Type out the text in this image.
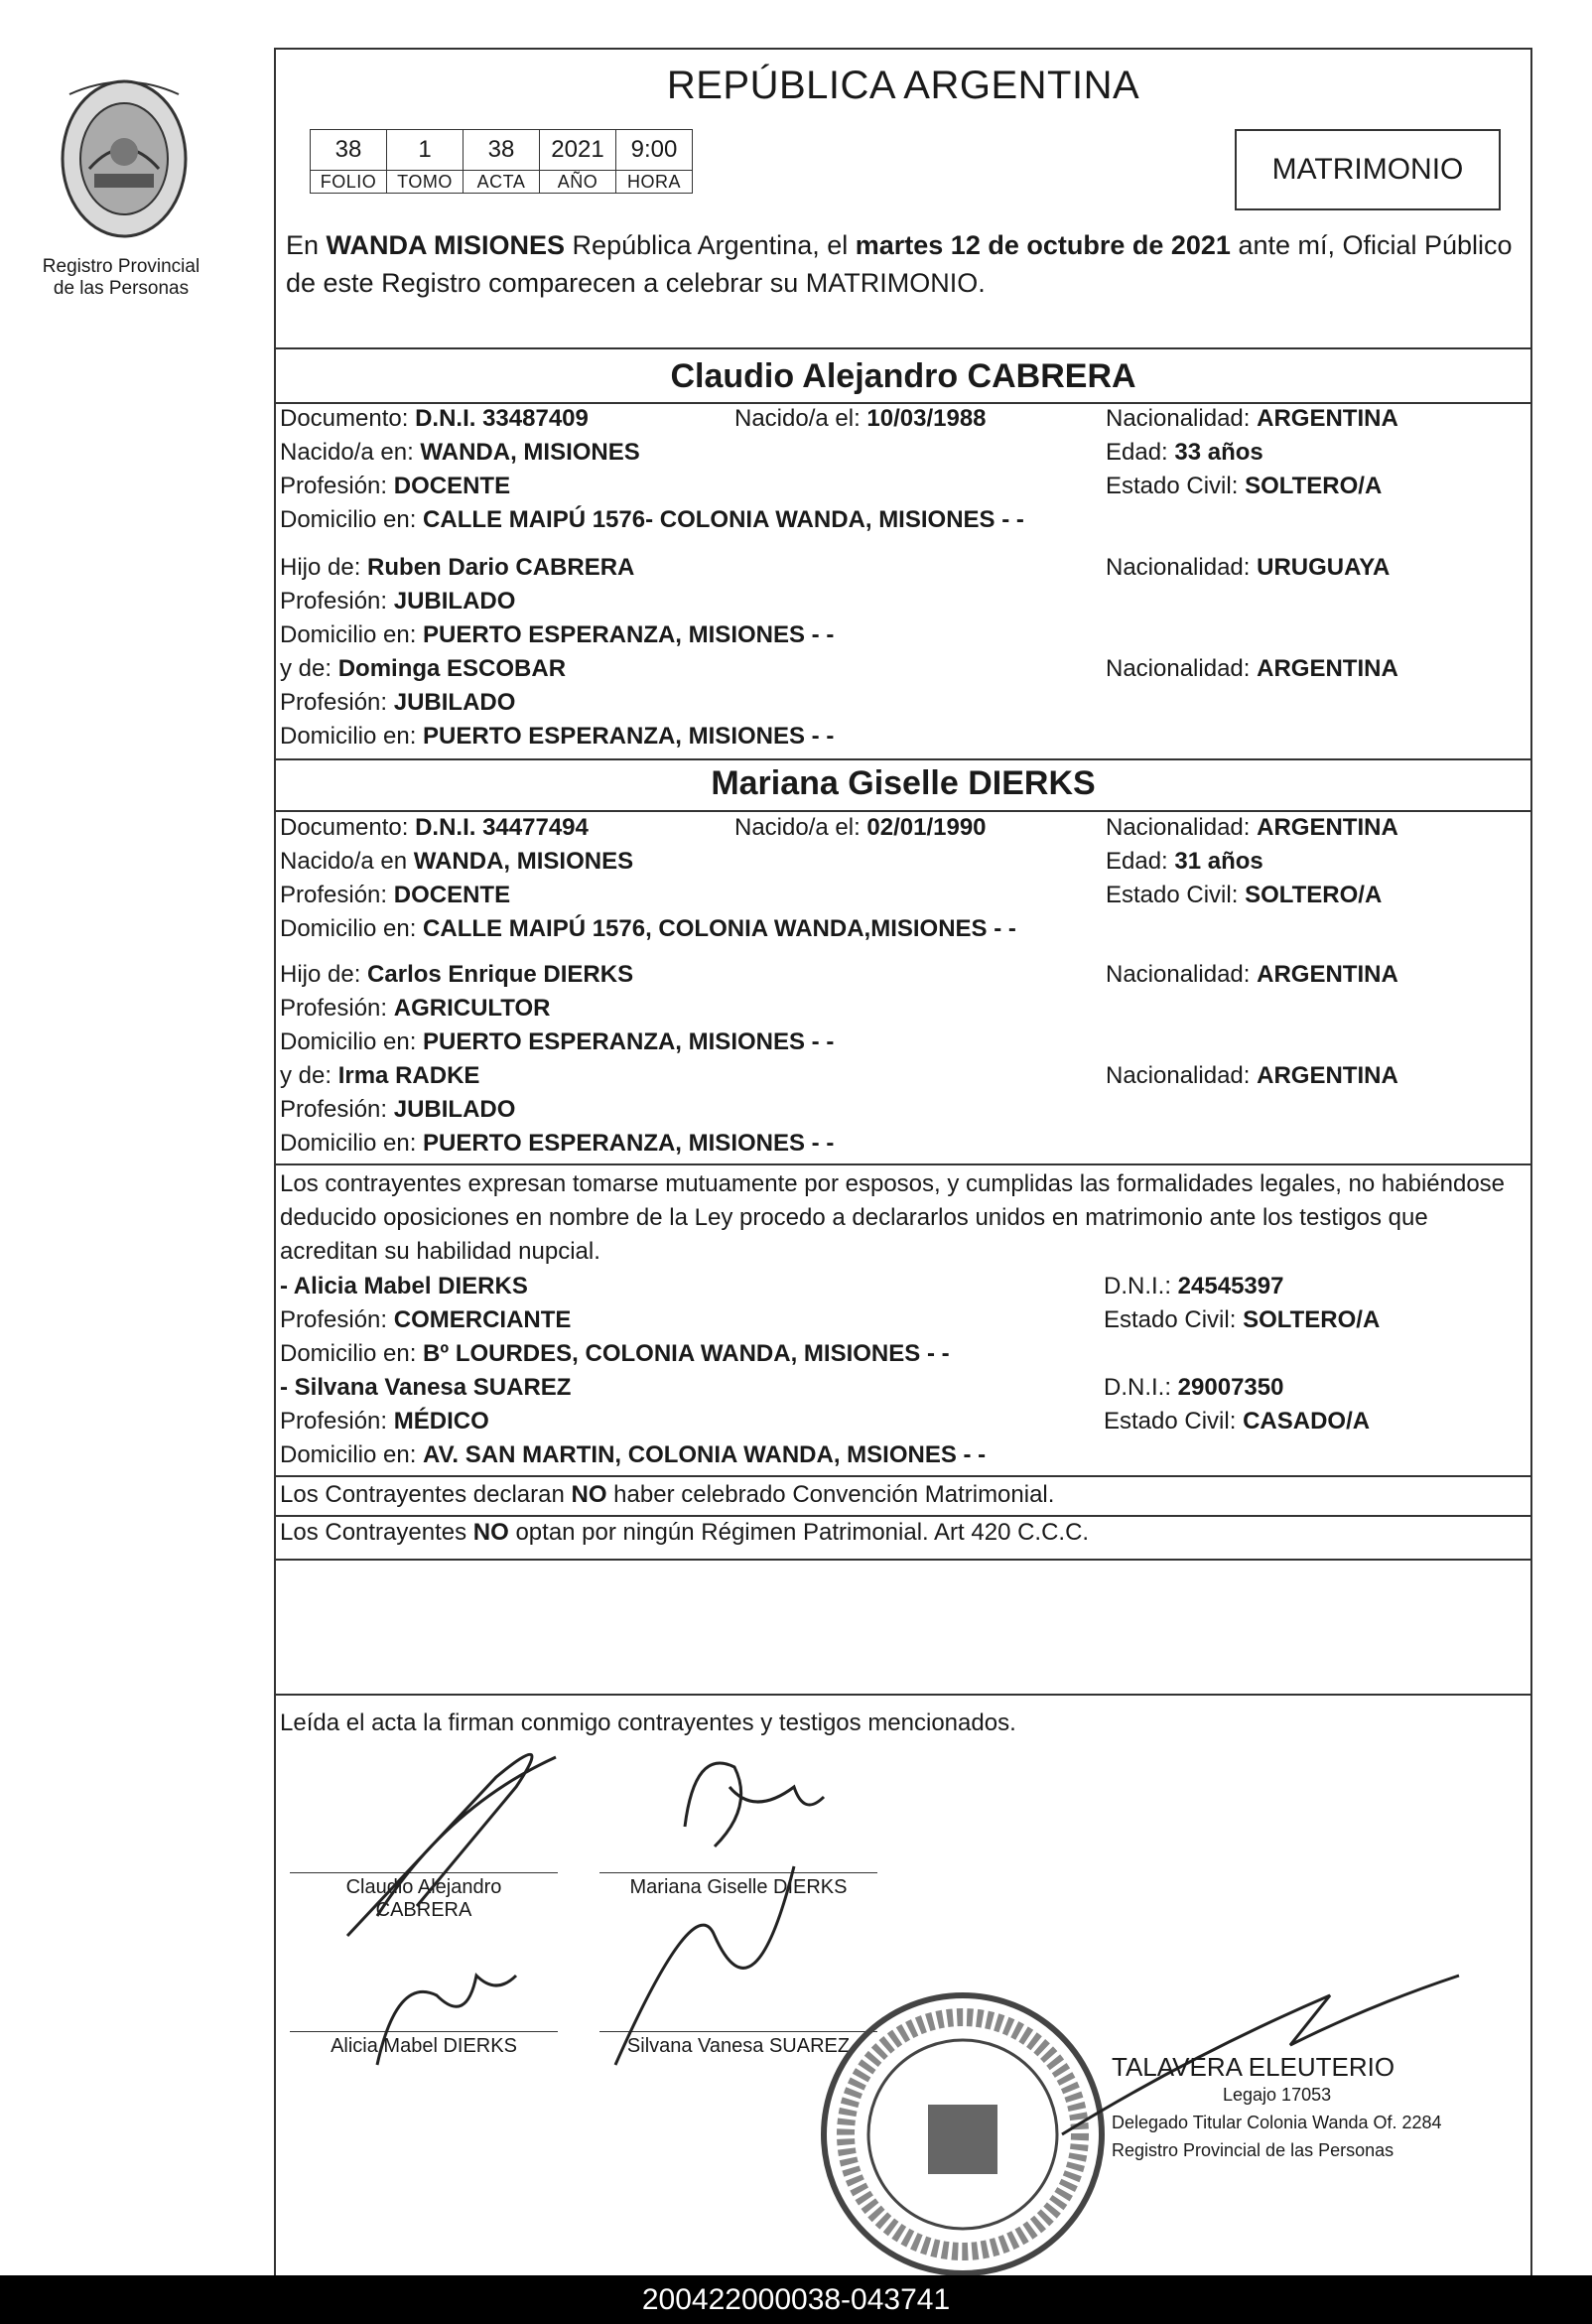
Registro Provincial
de las Personas
REPÚBLICA ARGENTINA
38	1	38	2021	9:00
FOLIO	TOMO	ACTA	AÑO	HORA	MATRIMONIO
En WANDA MISIONES República Argentina, el martes 12 de octubre de 2021 ante mí, Oficial Público de este Registro comparecen a celebrar su MATRIMONIO.
Claudio Alejandro CABRERA
Documento: D.N.I. 33487409	Nacido/a el: 10/03/1988	Nacionalidad: ARGENTINA
Nacido/a en: WANDA, MISIONES	Edad: 33 años
Profesión: DOCENTE	Estado Civil: SOLTERO/A
Domicilio en: CALLE MAIPÚ 1576- COLONIA WANDA, MISIONES - -
Hijo de: Ruben Dario CABRERA	Nacionalidad: URUGUAYA
Profesión: JUBILADO
Domicilio en: PUERTO ESPERANZA, MISIONES - -
y de: Dominga ESCOBAR	Nacionalidad: ARGENTINA
Profesión: JUBILADO
Domicilio en: PUERTO ESPERANZA, MISIONES - -
Mariana Giselle DIERKS
Documento: D.N.I. 34477494	Nacido/a el: 02/01/1990	Nacionalidad: ARGENTINA
Nacido/a en WANDA, MISIONES	Edad: 31 años
Profesión: DOCENTE	Estado Civil: SOLTERO/A
Domicilio en: CALLE MAIPÚ 1576, COLONIA WANDA,MISIONES - -
Hijo de: Carlos Enrique DIERKS	Nacionalidad: ARGENTINA
Profesión: AGRICULTOR
Domicilio en: PUERTO ESPERANZA, MISIONES - -
y de: Irma RADKE	Nacionalidad: ARGENTINA
Profesión: JUBILADO
Domicilio en: PUERTO ESPERANZA, MISIONES - -
Los contrayentes expresan tomarse mutuamente por esposos, y cumplidas las formalidades legales, no habiéndose deducido oposiciones en nombre de la Ley procedo a declararlos unidos en matrimonio ante los testigos que acreditan su habilidad nupcial.
- Alicia Mabel DIERKS	D.N.I.: 24545397
Profesión: COMERCIANTE	Estado Civil: SOLTERO/A
Domicilio en: Bº LOURDES, COLONIA WANDA, MISIONES - -
- Silvana Vanesa SUAREZ	D.N.I.: 29007350
Profesión: MÉDICO	Estado Civil: CASADO/A
Domicilio en: AV. SAN MARTIN, COLONIA WANDA, MSIONES - -
Los Contrayentes declaran NO haber celebrado Convención Matrimonial.
Los Contrayentes NO optan por ningún Régimen Patrimonial. Art 420 C.C.C.
Leída el acta la firman conmigo contrayentes y testigos mencionados.
Claudio Alejandro
CABRERA
Mariana Giselle DIERKS
Alicia Mabel DIERKS	Silvana Vanesa SUAREZ
TALAVERA ELEUTERIO
Legajo 17053
Delegado Titular Colonia Wanda Of. 2284
Registro Provincial de las Personas
200422000038-043741
